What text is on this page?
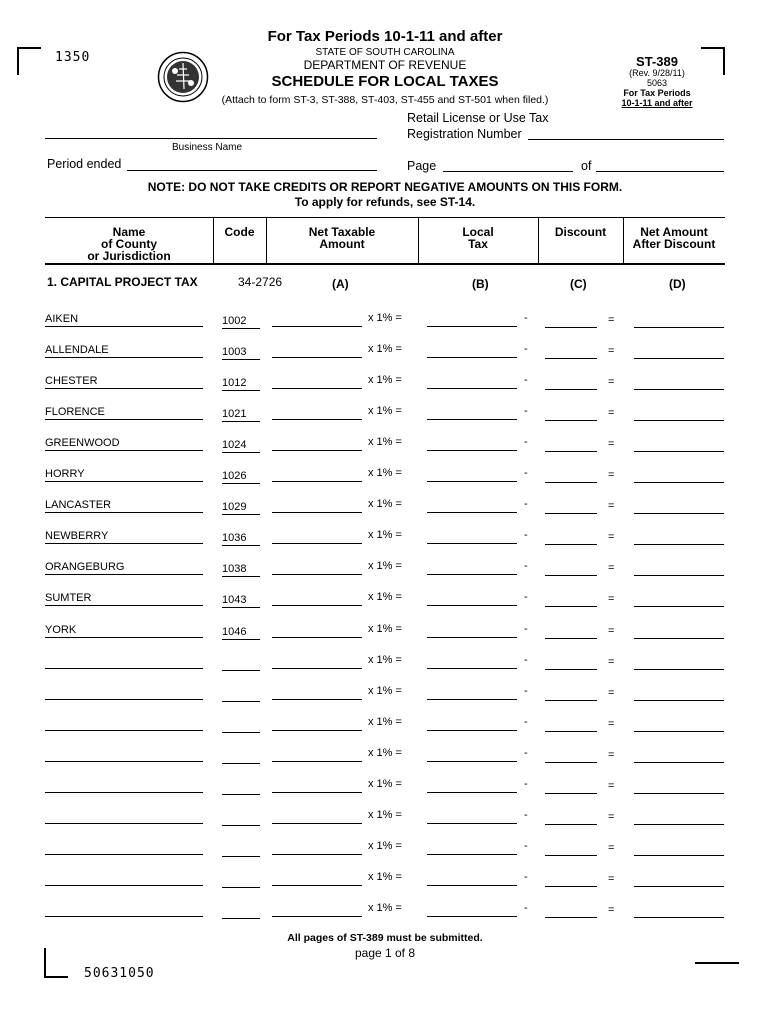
1350
50631050
For Tax Periods 10-1-11 and after
STATE OF SOUTH CAROLINA
DEPARTMENT OF REVENUE
SCHEDULE FOR LOCAL TAXES
(Attach to form ST-3, ST-388, ST-403, ST-455 and ST-501 when filed.)
ST-389
(Rev. 9/28/11)
5063
For Tax Periods
10-1-11 and after
Business Name
Retail License or Use Tax
Registration Number
Period ended	Page	of
NOTE: DO NOT TAKE CREDITS OR REPORT NEGATIVE AMOUNTS ON THIS FORM.
To apply for refunds, see ST-14.
Name
of County
or Jurisdiction
Code	Net Taxable
Amount
Local
Tax
Discount	Net Amount
After Discount
1. CAPITAL PROJECT TAX	34-2726	(A)	(B)	(C)	(D)
AIKEN	1002	x 1% =	-	=
ALLENDALE	1003	x 1% =	-	=
CHESTER	1012	x 1% =	-	=
FLORENCE	1021	x 1% =	-	=
GREENWOOD	1024	x 1% =	-	=
HORRY	1026	x 1% =	-	=
LANCASTER	1029	x 1% =	-	=
NEWBERRY	1036	x 1% =	-	=
ORANGEBURG	1038	x 1% =	-	=
SUMTER	1043	x 1% =	-	=
YORK	1046	x 1% =	-	=
x 1% =	-	=
x 1% =	-	=
x 1% =	-	=
x 1% =	-	=
x 1% =	-	=
x 1% =	-	=
x 1% =	-	=
x 1% =	-	=
x 1% =	-	=
All pages of ST-389 must be submitted.
page 1 of 8
